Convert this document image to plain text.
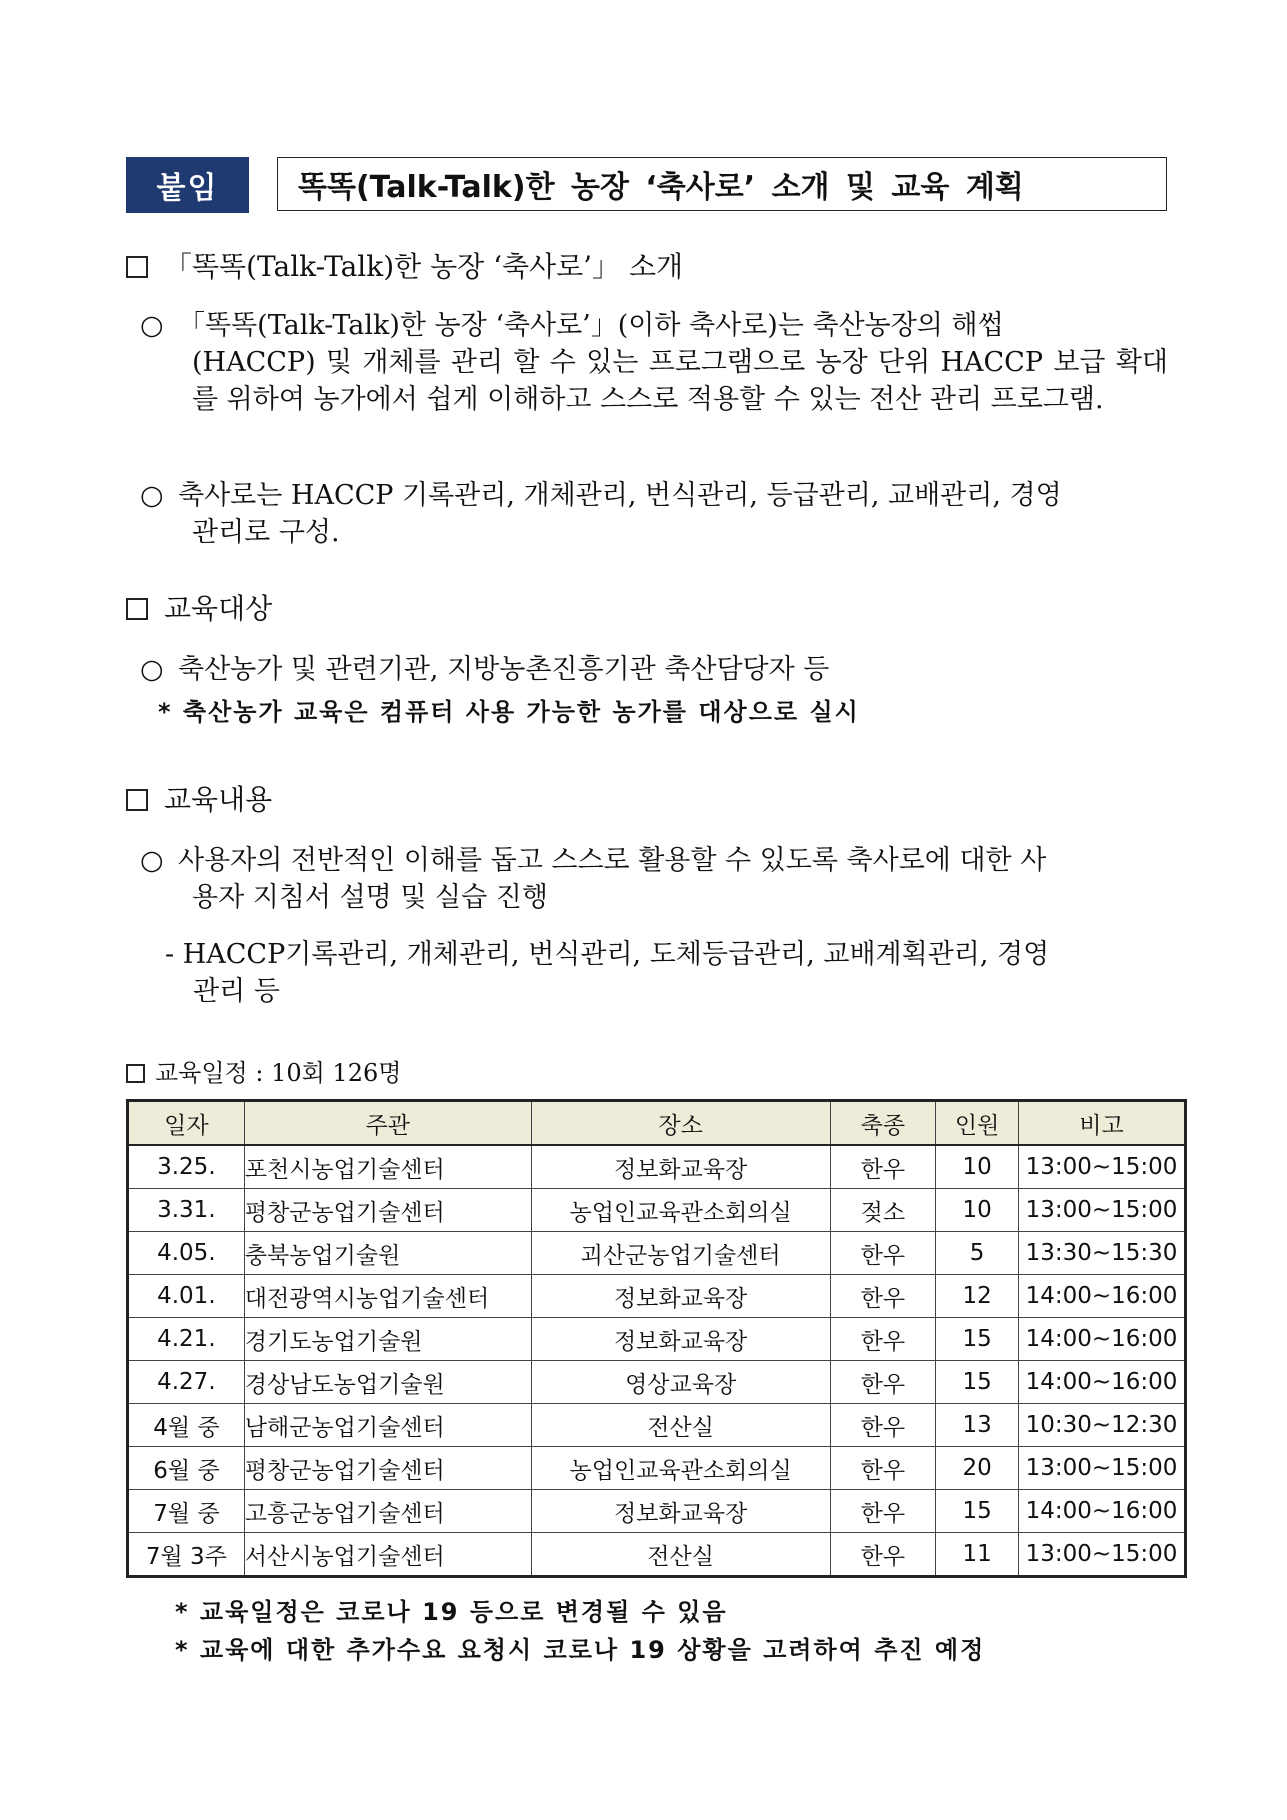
붙임	똑똑(Talk-Talk)한 농장 ‘축사로’ 소개 및 교육 계획
「똑똑(Talk-Talk)한 농장 ‘축사로’」 소개
○ 「똑똑(Talk-Talk)한 농장 ‘축사로’」(이하 축사로)는 축산농장의 해썹
(HACCP) 및 개체를 관리 할 수 있는 프로그램으로 농장 단위 HACCP 보급 확대를 위하여 농가에서 쉽게 이해하고 스스로 적용할 수 있는 전산 관리 프로그램.
○ 축사로는 HACCP 기록관리, 개체관리, 번식관리, 등급관리, 교배관리, 경영
관리로 구성.
교육대상
○ 축산농가 및 관련기관, 지방농촌진흥기관 축산담당자 등
* 축산농가 교육은 컴퓨터 사용 가능한 농가를 대상으로 실시
교육내용
○ 사용자의 전반적인 이해를 돕고 스스로 활용할 수 있도록 축사로에 대한 사
용자 지침서 설명 및 실습 진행
- HACCP기록관리, 개체관리, 번식관리, 도체등급관리, 교배계획관리, 경영
관리 등
교육일정 : 10회 126명
일자	주관	장소	축종	인원	비고
3.25.	포천시농업기술센터	정보화교육장	한우	10	13:00~15:00
3.31.	평창군농업기술센터	농업인교육관소회의실	젖소	10	13:00~15:00
4.05.	충북농업기술원	괴산군농업기술센터	한우	5	13:30~15:30
4.01.	대전광역시농업기술센터	정보화교육장	한우	12	14:00~16:00
4.21.	경기도농업기술원	정보화교육장	한우	15	14:00~16:00
4.27.	경상남도농업기술원	영상교육장	한우	15	14:00~16:00
4월 중	남해군농업기술센터	전산실	한우	13	10:30~12:30
6월 중	평창군농업기술센터	농업인교육관소회의실	한우	20	13:00~15:00
7월 중	고흥군농업기술센터	정보화교육장	한우	15	14:00~16:00
7월 3주	서산시농업기술센터	전산실	한우	11	13:00~15:00
* 교육일정은 코로나 19 등으로 변경될 수 있음
* 교육에 대한 추가수요 요청시 코로나 19 상황을 고려하여 추진 예정
